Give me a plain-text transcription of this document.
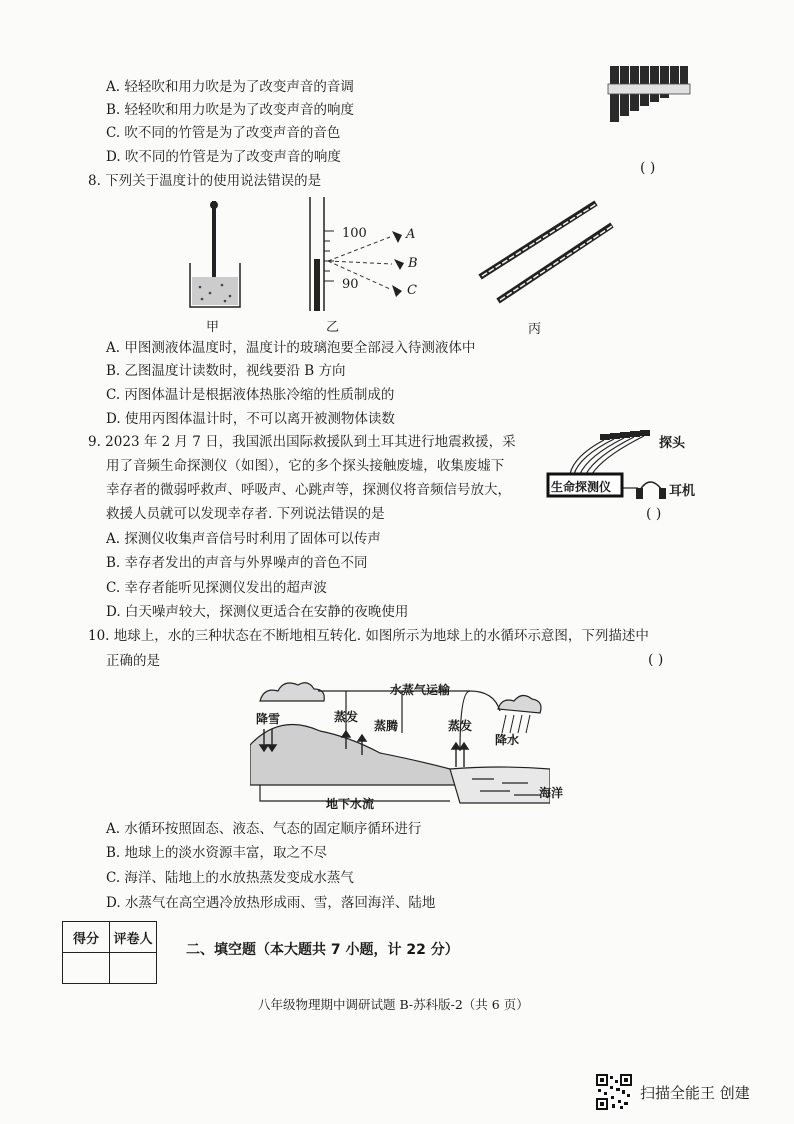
A. 轻轻吹和用力吹是为了改变声音的音调
B. 轻轻吹和用力吹是为了改变声音的响度
C. 吹不同的竹管是为了改变声音的音色
D. 吹不同的竹管是为了改变声音的响度
( )
8. 下列关于温度计的使用说法错误的是
甲
100
90
A
B
C
乙	丙
A. 甲图测液体温度时，温度计的玻璃泡要全部浸入待测液体中
B. 乙图温度计读数时，视线要沿 B 方向
C. 丙图体温计是根据液体热胀冷缩的性质制成的
D. 使用丙图体温计时，不可以离开被测物体读数
9. 2023 年 2 月 7 日，我国派出国际救援队到土耳其进行地震救援，采
用了音频生命探测仪（如图），它的多个探头接触废墟，收集废墟下
幸存者的微弱呼救声、呼吸声、心跳声等，探测仪将音频信号放大，
救援人员就可以发现幸存者. 下列说法错误的是
探头
生命探测仪	耳机
( )
A. 探测仪收集声音信号时利用了固体可以传声
B. 幸存者发出的声音与外界噪声的音色不同
C. 幸存者能听见探测仪发出的超声波
D. 白天噪声较大，探测仪更适合在安静的夜晚使用
10. 地球上，水的三种状态在不断地相互转化. 如图所示为地球上的水循环示意图，下列描述中
正确的是	( )
水蒸气运输
降雪	蒸发
蒸腾	蒸发
降水
海洋
地下水流
A. 水循环按照固态、液态、气态的固定顺序循环进行
B. 地球上的淡水资源丰富，取之不尽
C. 海洋、陆地上的水放热蒸发变成水蒸气
D. 水蒸气在高空遇冷放热形成雨、雪，落回海洋、陆地
得分	评卷人

二、填空题（本大题共 7 小题，计 22 分）
八年级物理期中调研试题 B-苏科版-2（共 6 页）
扫描全能王 创建
